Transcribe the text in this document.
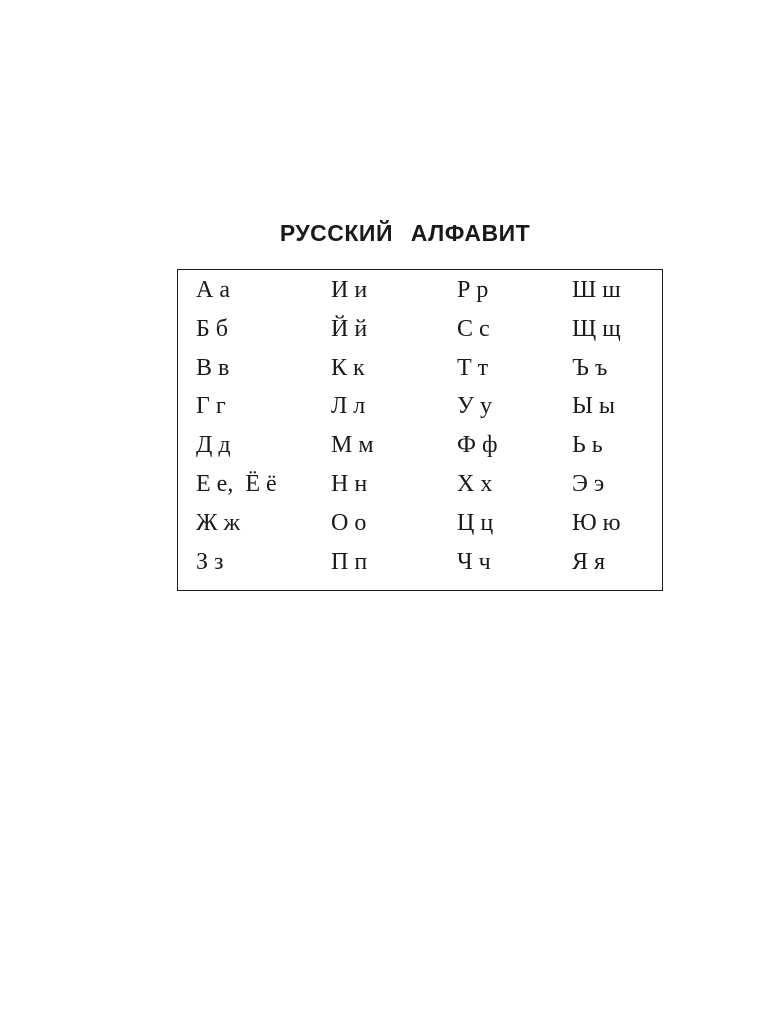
РУССКИЙ  АЛФАВИТ
А а
Б б
В в
Г г
Д д
Е е,  Ё ё
Ж ж
З з
И и
Й й
К к
Л л
М м
Н н
О о
П п
Р р
С с
Т т
У у
Ф ф
Х х
Ц ц
Ч ч
Ш ш
Щ щ
Ъ ъ
Ы ы
Ь ь
Э э
Ю ю
Я я
